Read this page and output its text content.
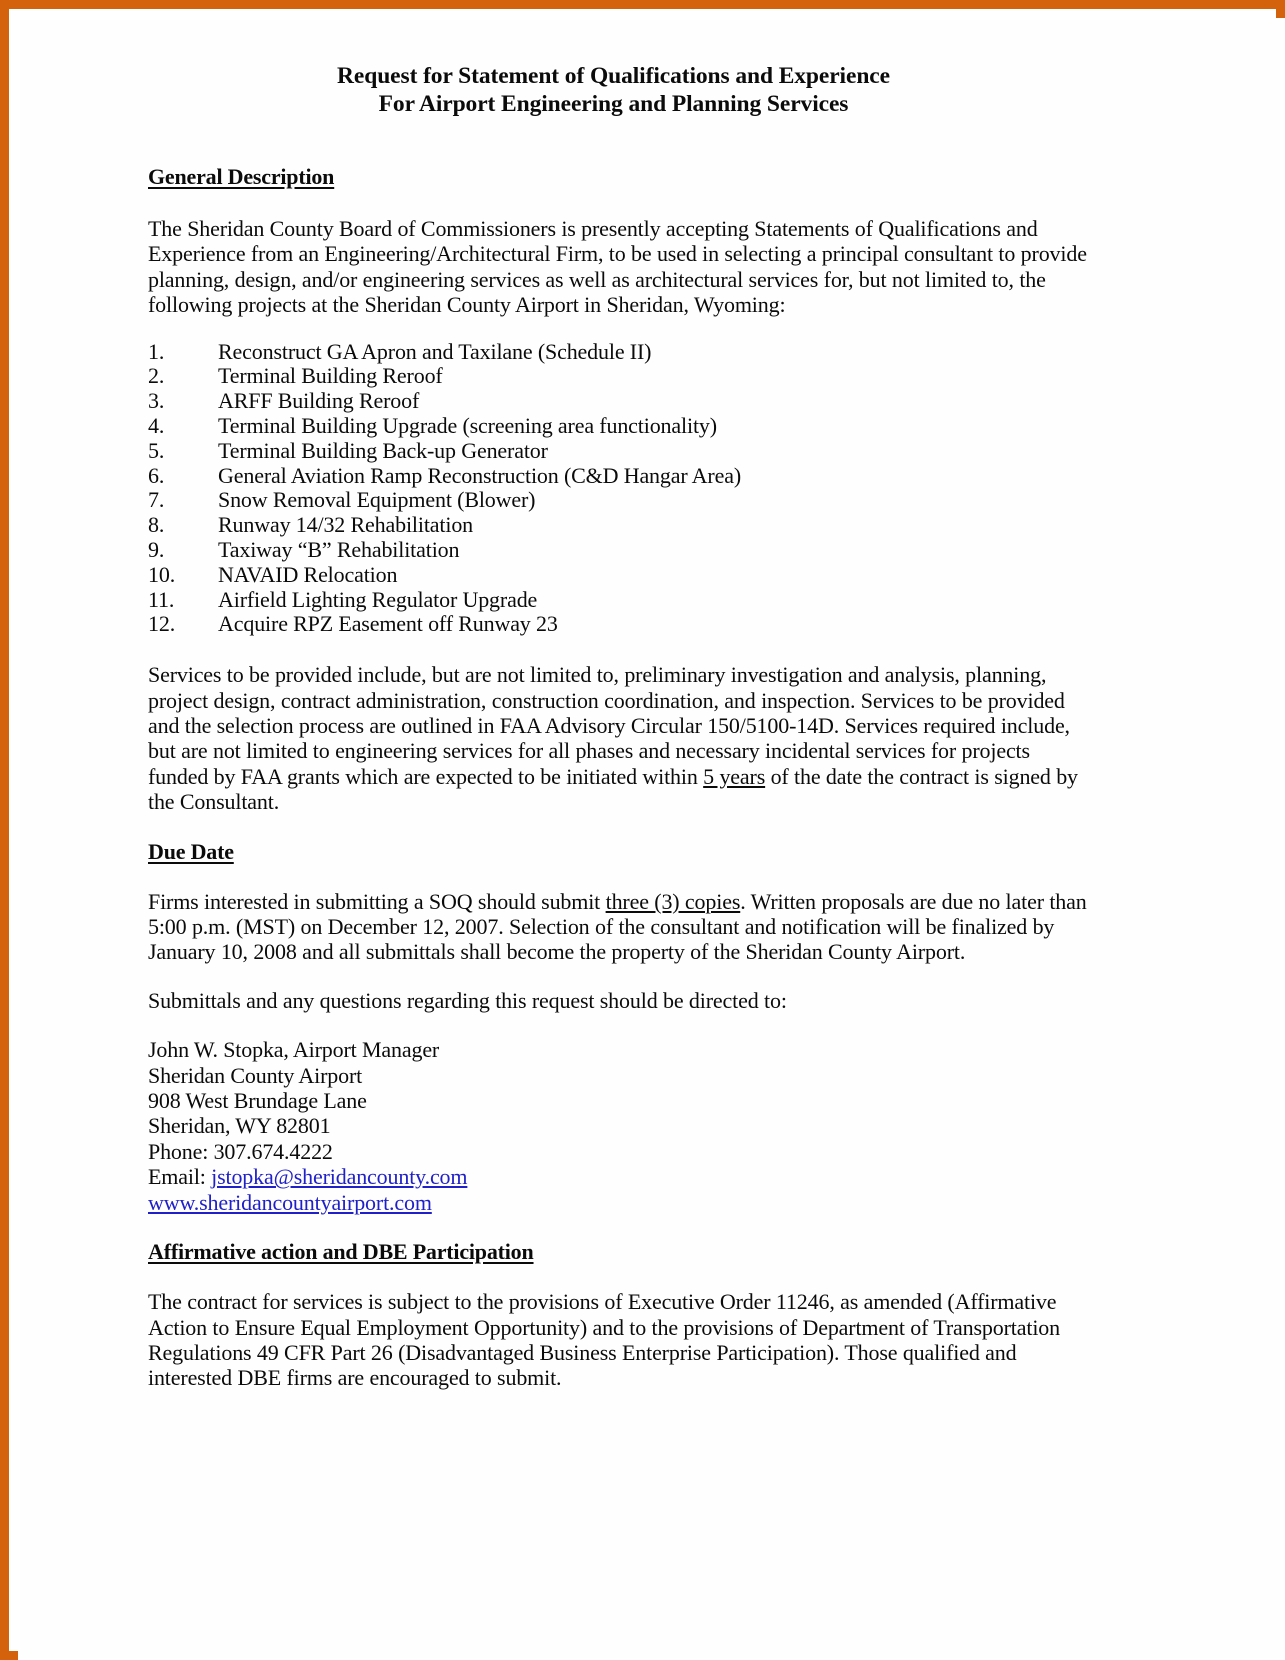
Request for Statement of Qualifications and Experience
For Airport Engineering and Planning Services
General Description

The Sheridan County Board of Commissioners is presently accepting Statements of Qualifications and Experience from an Engineering/Architectural Firm, to be used in selecting a principal consultant to provide planning, design, and/or engineering services as well as architectural services for, but not limited to, the following projects at the Sheridan County Airport in Sheridan, Wyoming:

1.	Reconstruct GA Apron and Taxilane (Schedule II)
2.	Terminal Building Reroof
3.	ARFF Building Reroof
4.	Terminal Building Upgrade (screening area functionality)
5.	Terminal Building Back-up Generator
6.	General Aviation Ramp Reconstruction (C&D Hangar Area)
7.	Snow Removal Equipment (Blower)
8.	Runway 14/32 Rehabilitation
9.	Taxiway “B” Rehabilitation
10.	NAVAID Relocation
11.	Airfield Lighting Regulator Upgrade
12.	Acquire RPZ Easement off Runway 23

Services to be provided include, but are not limited to, preliminary investigation and analysis, planning, project design, contract administration, construction coordination, and inspection. Services to be provided and the selection process are outlined in FAA Advisory Circular 150/5100-14D. Services required include, but are not limited to engineering services for all phases and necessary incidental services for projects funded by FAA grants which are expected to be initiated within 5 years of the date the contract is signed by the Consultant.

Due Date

Firms interested in submitting a SOQ should submit three (3) copies. Written proposals are due no later than 5:00 p.m. (MST) on December 12, 2007. Selection of the consultant and notification will be finalized by January 10, 2008 and all submittals shall become the property of the Sheridan County Airport.

Submittals and any questions regarding this request should be directed to:

John W. Stopka, Airport Manager
Sheridan County Airport
908 West Brundage Lane
Sheridan, WY 82801
Phone: 307.674.4222
Email: jstopka@sheridancounty.com
www.sheridancountyairport.com
Affirmative action and DBE Participation

The contract for services is subject to the provisions of Executive Order 11246, as amended (Affirmative Action to Ensure Equal Employment Opportunity) and to the provisions of Department of Transportation Regulations 49 CFR Part 26 (Disadvantaged Business Enterprise Participation). Those qualified and interested DBE firms are encouraged to submit.
